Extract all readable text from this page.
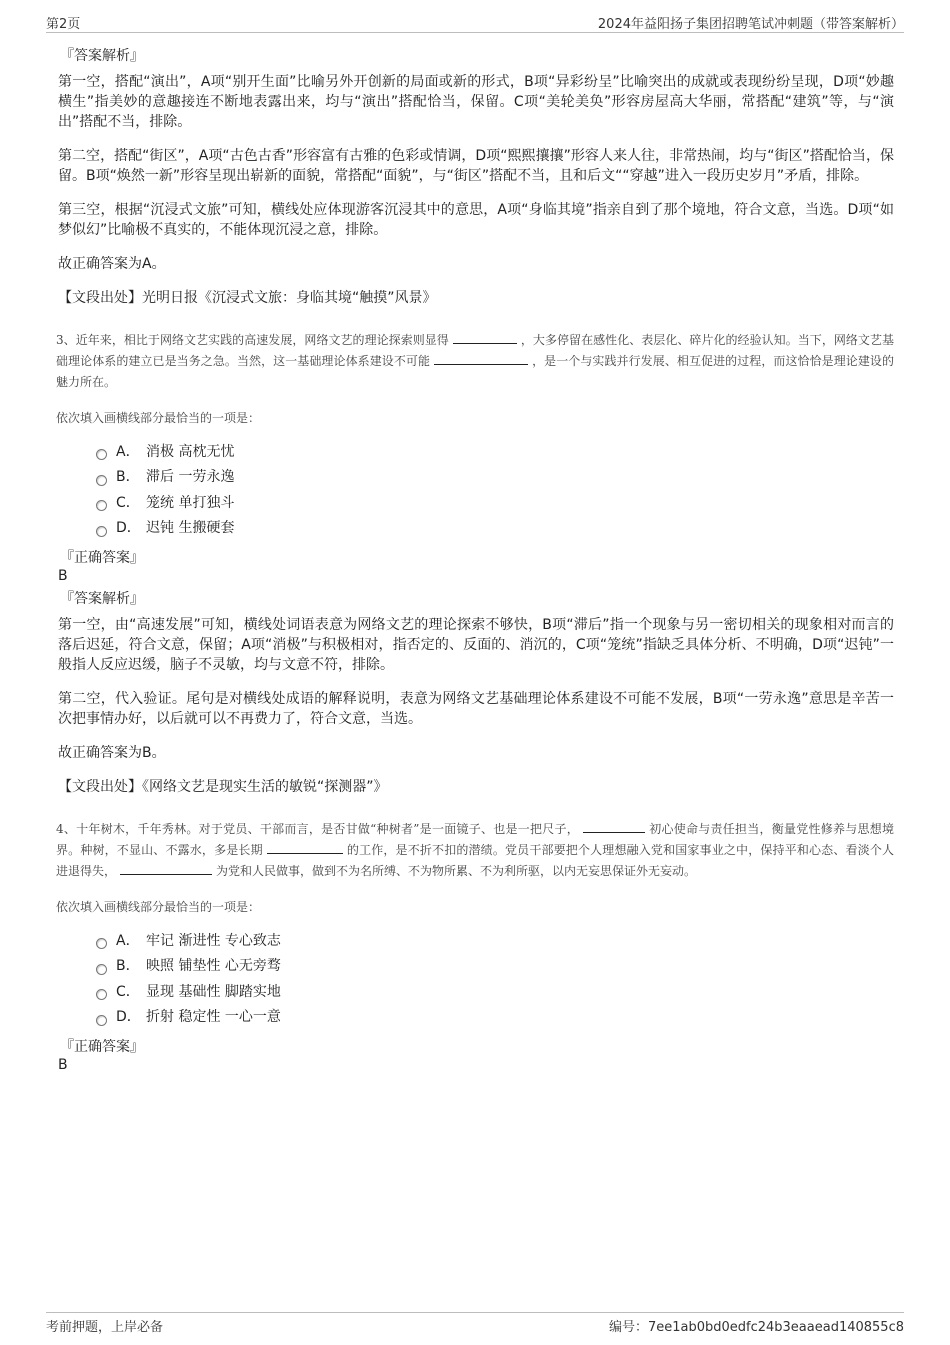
第2页	2024年益阳扬子集团招聘笔试冲刺题（带答案解析）
『答案解析』

第一空，搭配“演出”，A项“别开生面”比喻另外开创新的局面或新的形式，B项“异彩纷呈”比喻突出的成就或表现纷纷呈现，D项“妙趣横生”指美妙的意趣接连不断地表露出来，均与“演出”搭配恰当，保留。C项“美轮美奂”形容房屋高大华丽，常搭配“建筑”等，与“演出”搭配不当，排除。

第二空，搭配“街区”，A项“古色古香”形容富有古雅的色彩或情调，D项“熙熙攘攘”形容人来人往，非常热闹，均与“街区”搭配恰当，保留。B项“焕然一新”形容呈现出崭新的面貌，常搭配“面貌”，与“街区”搭配不当，且和后文““穿越”进入一段历史岁月”矛盾，排除。

第三空，根据“沉浸式文旅”可知，横线处应体现游客沉浸其中的意思，A项“身临其境”指亲自到了那个境地，符合文意，当选。D项“如梦似幻”比喻极不真实的，不能体现沉浸之意，排除。

故正确答案为A。

【文段出处】光明日报《沉浸式文旅：身临其境“触摸”风景》

3、近年来，相比于网络文艺实践的高速发展，网络文艺的理论探索则显得	，大多停留在感性化、表层化、碎片化的经验认知。当下，网络文艺基础理论体系的建立已是当务之急。当然，这一基础理论体系建设不可能	，是一个与实践并行发展、相互促进的过程，而这恰恰是理论建设的魅力所在。

依次填入画横线部分最恰当的一项是：

A． 消极 高枕无忧
B． 滞后 一劳永逸
C． 笼统 单打独斗
D． 迟钝 生搬硬套
『正确答案』
B
『答案解析』

第一空，由“高速发展”可知，横线处词语表意为网络文艺的理论探索不够快，B项“滞后”指一个现象与另一密切相关的现象相对而言的落后迟延，符合文意，保留；A项“消极”与积极相对，指否定的、反面的、消沉的，C项“笼统”指缺乏具体分析、不明确，D项“迟钝”一般指人反应迟缓，脑子不灵敏，均与文意不符，排除。

第二空，代入验证。尾句是对横线处成语的解释说明，表意为网络文艺基础理论体系建设不可能不发展，B项“一劳永逸”意思是辛苦一次把事情办好，以后就可以不再费力了，符合文意，当选。

故正确答案为B。

【文段出处】《网络文艺是现实生活的敏锐“探测器”》

4、十年树木，千年秀林。对于党员、干部而言，是否甘做“种树者”是一面镜子、也是一把尺子，	初心使命与责任担当，衡量党性修养与思想境界。种树，不显山、不露水，多是长期	的工作，是不折不扣的潜绩。党员干部要把个人理想融入党和国家事业之中，保持平和心态、看淡个人进退得失，	为党和人民做事，做到不为名所缚、不为物所累、不为利所驱，以内无妄思保证外无妄动。

依次填入画横线部分最恰当的一项是：

A． 牢记 渐进性 专心致志
B． 映照 铺垫性 心无旁骛
C． 显现 基础性 脚踏实地
D． 折射 稳定性 一心一意
『正确答案』
B
考前押题，上岸必备	编号：7ee1ab0bd0edfc24b3eaaead140855c8
